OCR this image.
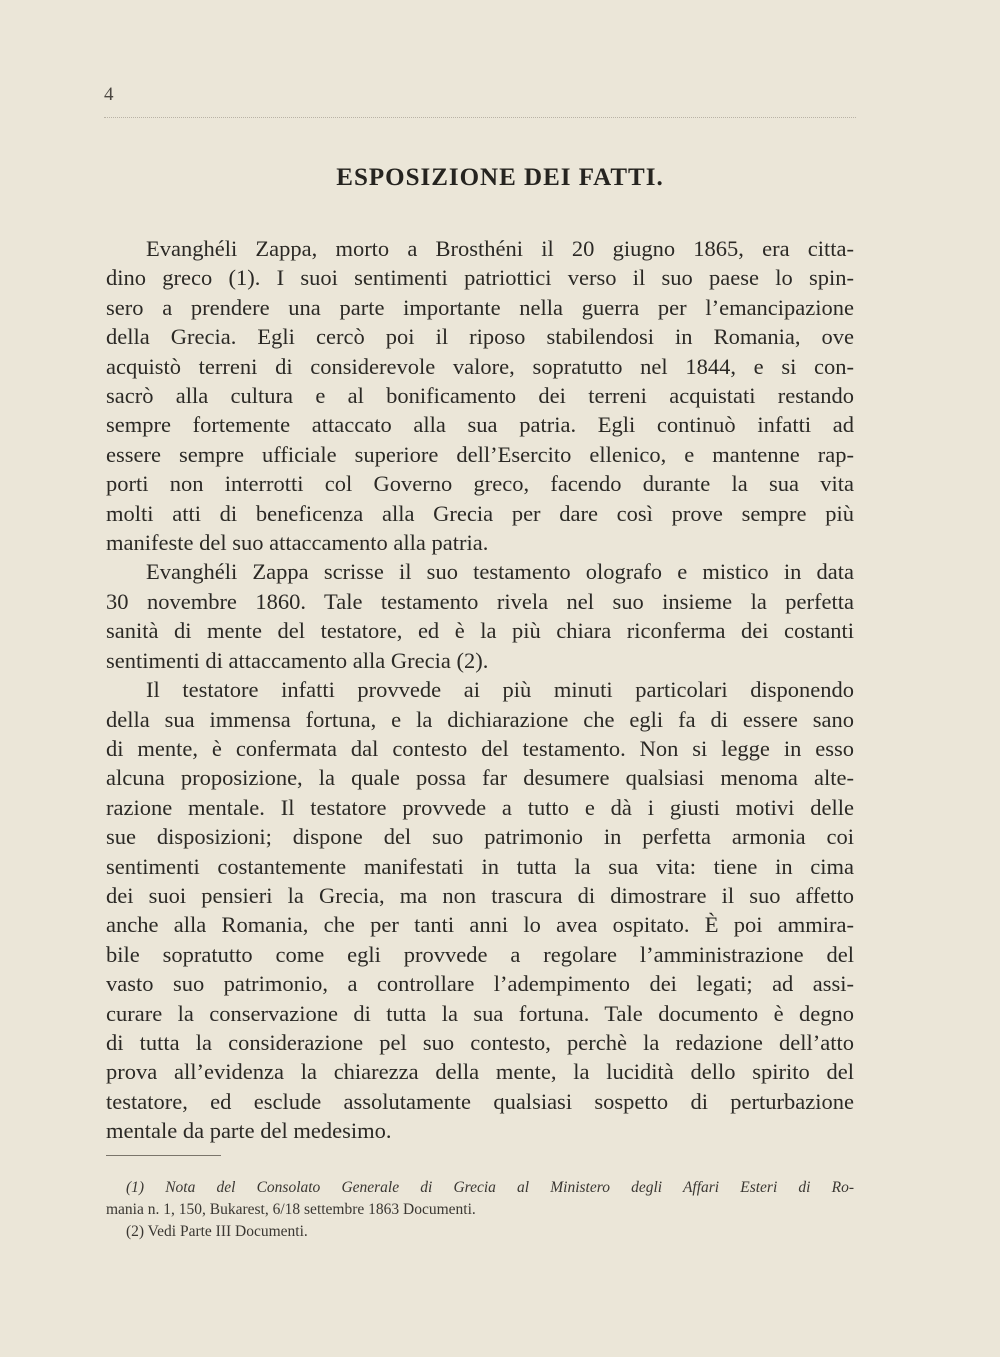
4
ESPOSIZIONE DEI FATTI.

Evanghéli Zappa, morto a Brosthéni il 20 giugno 1865, era citta-
dino greco (1). I suoi sentimenti patriottici verso il suo paese lo spin-
sero a prendere una parte importante nella guerra per l’emancipazione
della Grecia. Egli cercò poi il riposo stabilendosi in Romania, ove
acquistò terreni di considerevole valore, sopratutto nel 1844, e si con-
sacrò alla cultura e al bonificamento dei terreni acquistati restando
sempre fortemente attaccato alla sua patria. Egli continuò infatti ad
essere sempre ufficiale superiore dell’Esercito ellenico, e mantenne rap-
porti non interrotti col Governo greco, facendo durante la sua vita
molti atti di beneficenza alla Grecia per dare così prove sempre più
manifeste del suo attaccamento alla patria.

Evanghéli Zappa scrisse il suo testamento olografo e mistico in data
30 novembre 1860. Tale testamento rivela nel suo insieme la perfetta
sanità di mente del testatore, ed è la più chiara riconferma dei costanti
sentimenti di attaccamento alla Grecia (2).

Il testatore infatti provvede ai più minuti particolari disponendo
della sua immensa fortuna, e la dichiarazione che egli fa di essere sano
di mente, è confermata dal contesto del testamento. Non si legge in esso
alcuna proposizione, la quale possa far desumere qualsiasi menoma alte-
razione mentale. Il testatore provvede a tutto e dà i giusti motivi delle
sue disposizioni; dispone del suo patrimonio in perfetta armonia coi
sentimenti costantemente manifestati in tutta la sua vita: tiene in cima
dei suoi pensieri la Grecia, ma non trascura di dimostrare il suo affetto
anche alla Romania, che per tanti anni lo avea ospitato. È poi ammira-
bile sopratutto come egli provvede a regolare l’amministrazione del
vasto suo patrimonio, a controllare l’adempimento dei legati; ad assi-
curare la conservazione di tutta la sua fortuna. Tale documento è degno
di tutta la considerazione pel suo contesto, perchè la redazione dell’atto
prova all’evidenza la chiarezza della mente, la lucidità dello spirito del
testatore, ed esclude assolutamente qualsiasi sospetto di perturbazione
mentale da parte del medesimo.

(1) Nota del Consolato Generale di Grecia al Ministero degli Affari Esteri di Ro-
mania n. 1, 150, Bukarest, 6/18 settembre 1863 Documenti.

(2) Vedi Parte III Documenti.
